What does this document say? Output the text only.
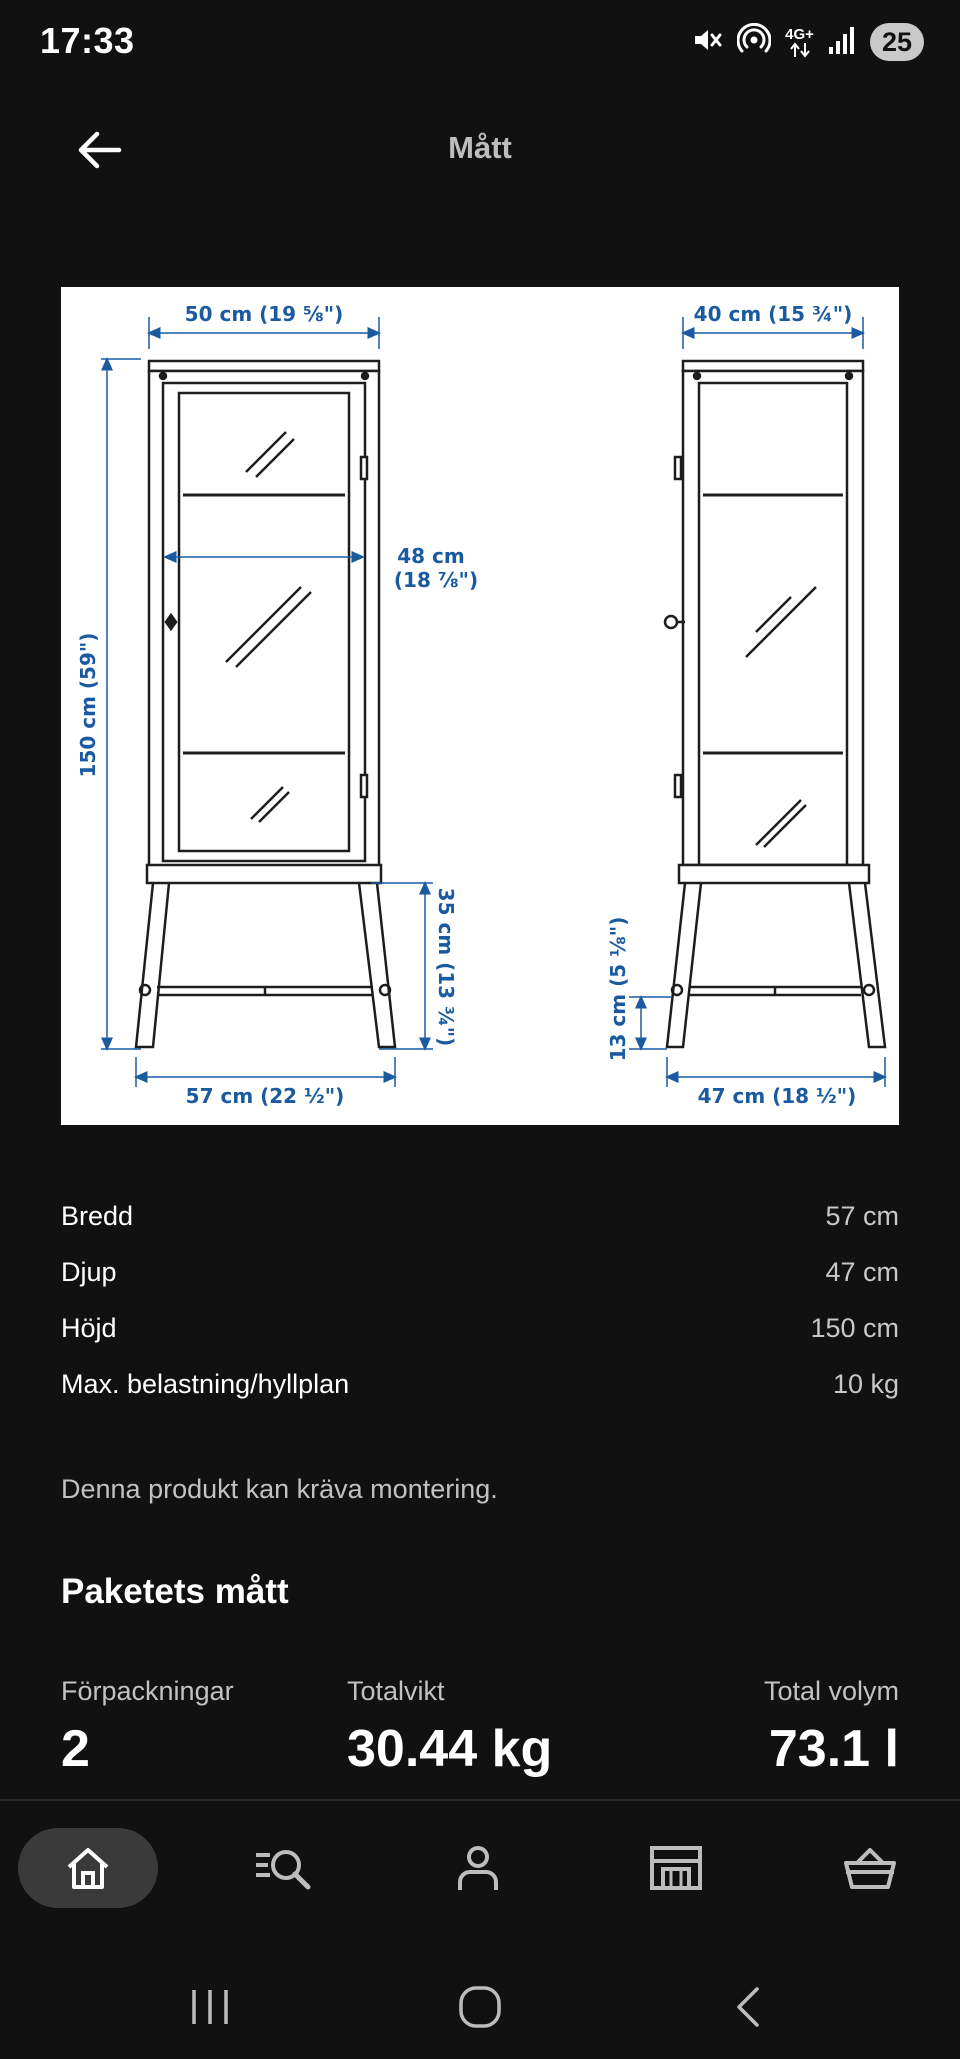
17:33	4G+	25
Mått
50 cm (19 ⅝")	40 cm (15 ¾")
48 cm
(18 ⅞")
150 cm (59")
35 cm (13 ¾")	13 cm (5 ⅛")
57 cm (22 ½")	47 cm (18 ½")
Bredd	57 cm
Djup	47 cm
Höjd	150 cm
Max. belastning/hyllplan	10 kg
Denna produkt kan kräva montering.
Paketets mått
Förpackningar
2
Totalvikt
30.44 kg
Total volym
73.1 l
